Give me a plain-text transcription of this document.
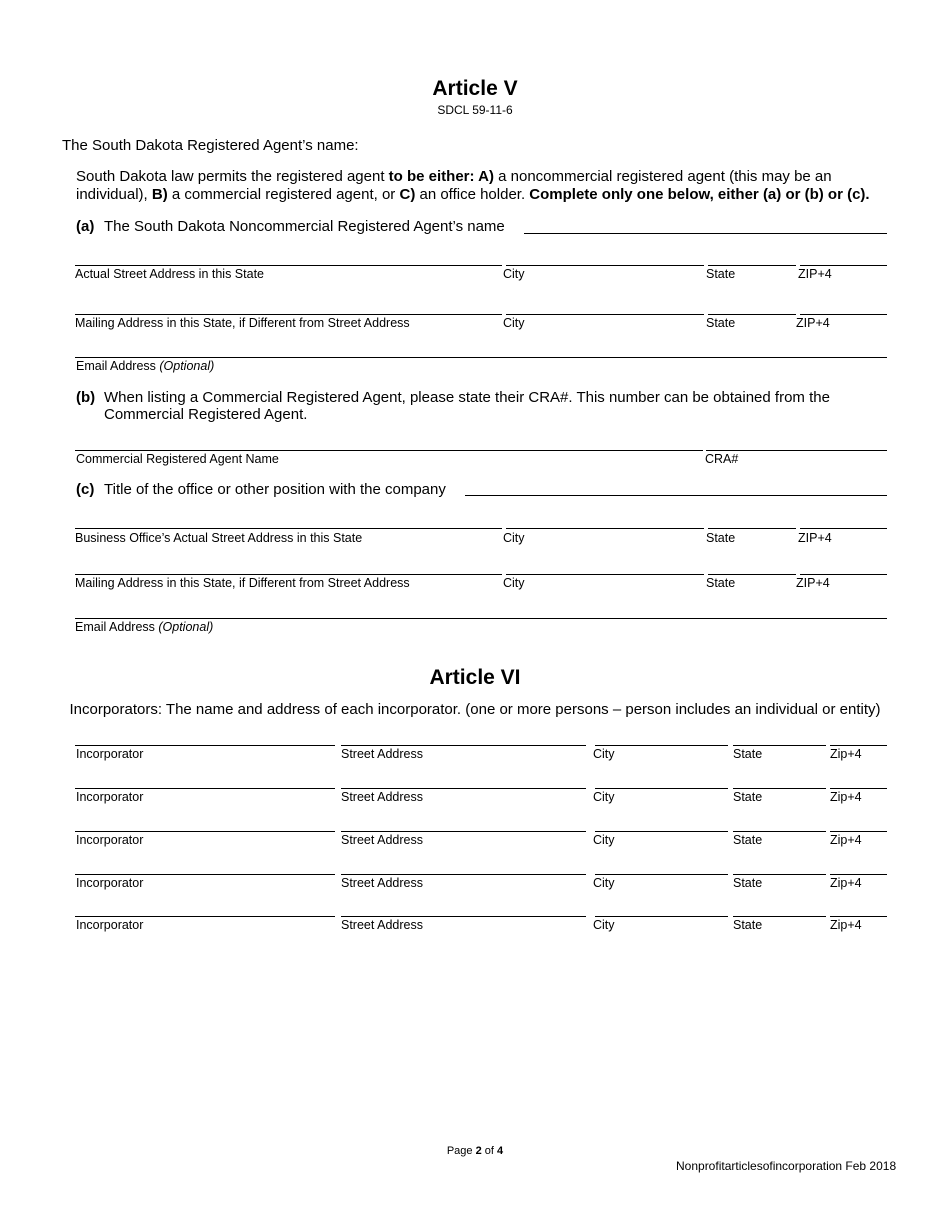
Article V
SDCL 59-11-6
The South Dakota Registered Agent’s name:
South Dakota law permits the registered agent to be either: A) a noncommercial registered agent (this may be an
individual), B) a commercial registered agent, or C) an office holder. Complete only one below, either (a) or (b) or (c).
(a) The South Dakota Noncommercial Registered Agent’s name
Actual Street Address in this State	City	State	ZIP+4
Mailing Address in this State, if Different from Street Address	City	State	ZIP+4
Email Address (Optional)
(b) When listing a Commercial Registered Agent, please state their CRA#. This number can be obtained from the
Commercial Registered Agent.
Commercial Registered Agent Name	CRA#
(c) Title of the office or other position with the company
Business Office’s Actual Street Address in this State	City	State	ZIP+4
Mailing Address in this State, if Different from Street Address	City	State	ZIP+4
Email Address (Optional)
Article VI
Incorporators: The name and address of each incorporator. (one or more persons – person includes an individual or entity)
Incorporator	Street Address	City	State	Zip+4
Incorporator	Street Address	City	State	Zip+4
Incorporator	Street Address	City	State	Zip+4
Incorporator	Street Address	City	State	Zip+4
Incorporator	Street Address	City	State	Zip+4
Page 2 of 4
Nonprofitarticlesofincorporation Feb 2018
